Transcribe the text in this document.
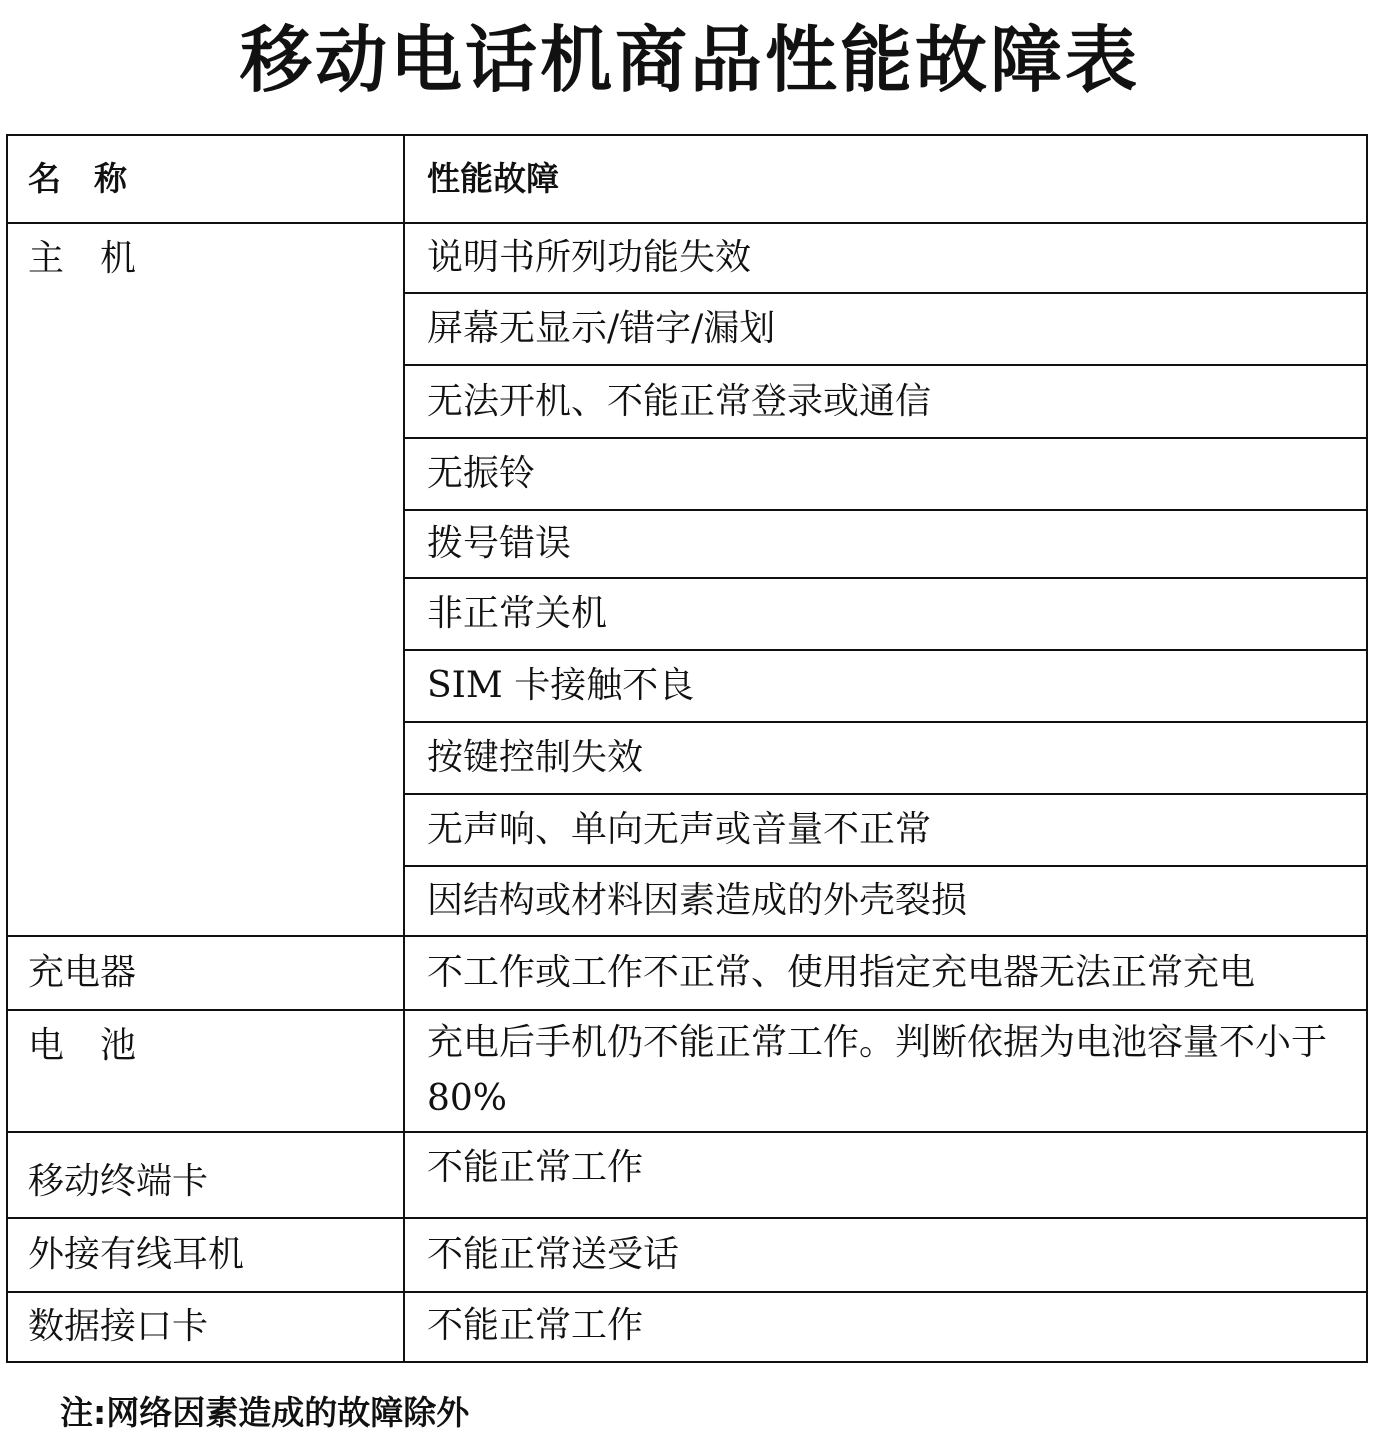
移动电话机商品性能故障表
名　称	性能故障
主　机	说明书所列功能失效
	屏幕无显示/错字/漏划
	无法开机、不能正常登录或通信
	无振铃
	拨号错误
	非正常关机
	SIM 卡接触不良
	按键控制失效
	无声响、单向无声或音量不正常
	因结构或材料因素造成的外壳裂损
充电器	不工作或工作不正常、使用指定充电器无法正常充电
电　池	充电后手机仍不能正常工作。判断依据为电池容量不小于 80%
移动终端卡	不能正常工作
外接有线耳机	不能正常送受话
数据接口卡	不能正常工作

注:网络因素造成的故障除外
